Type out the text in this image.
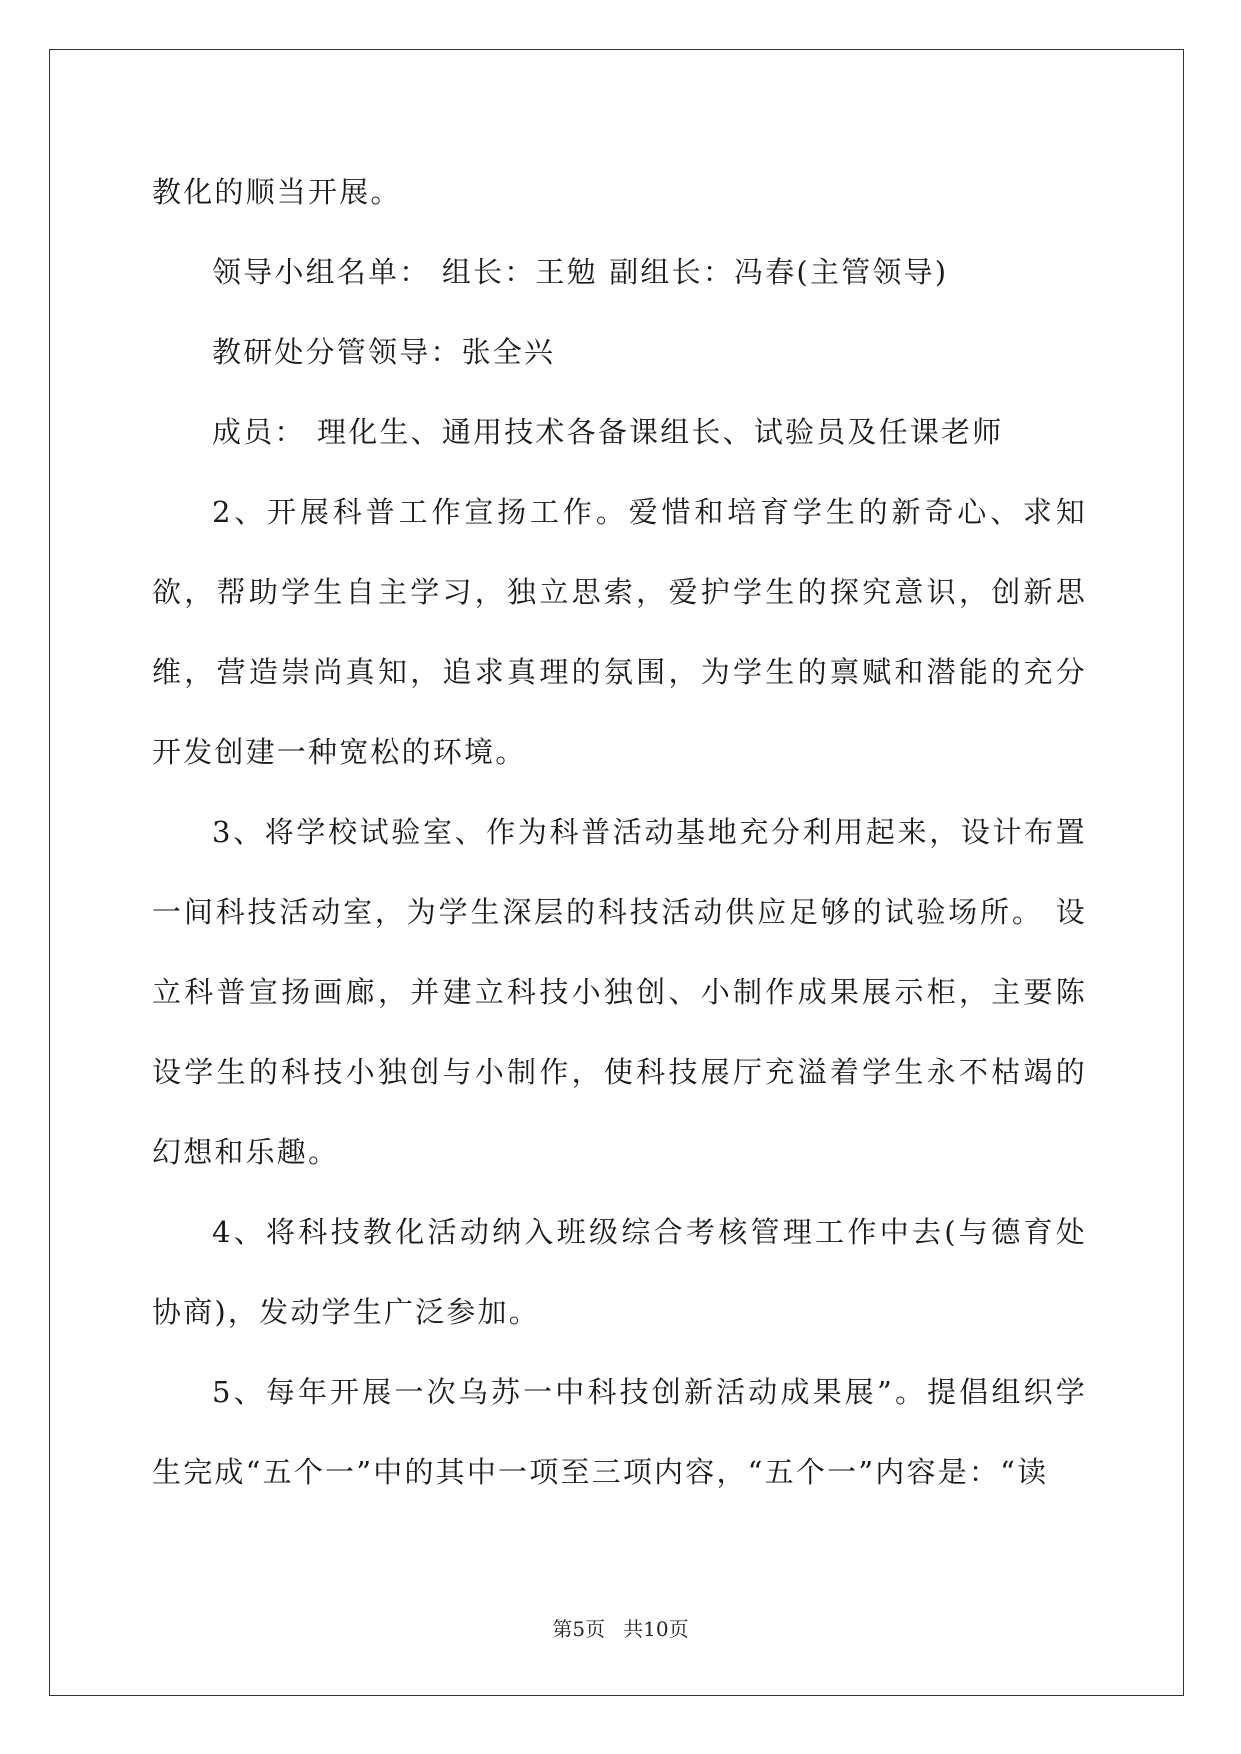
教化的顺当开展。

领导小组名单： 组长：王勉 副组长：冯春(主管领导)

教研处分管领导：张全兴

成员： 理化生、通用技术各备课组长、试验员及任课老师

2、开展科普工作宣扬工作。爱惜和培育学生的新奇心、求知欲，帮助学生自主学习，独立思索，爱护学生的探究意识，创新思维，营造崇尚真知，追求真理的氛围，为学生的禀赋和潜能的充分开发创建一种宽松的环境。

3、将学校试验室、作为科普活动基地充分利用起来，设计布置一间科技活动室，为学生深层的科技活动供应足够的试验场所。 设立科普宣扬画廊，并建立科技小独创、小制作成果展示柜，主要陈设学生的科技小独创与小制作，使科技展厅充溢着学生永不枯竭的幻想和乐趣。

4、将科技教化活动纳入班级综合考核管理工作中去(与德育处协商)，发动学生广泛参加。

5、每年开展一次乌苏一中科技创新活动成果展”。提倡组织学生完成“五个一”中的其中一项至三项内容，“五个一”内容是：“读

第5页 共10页
